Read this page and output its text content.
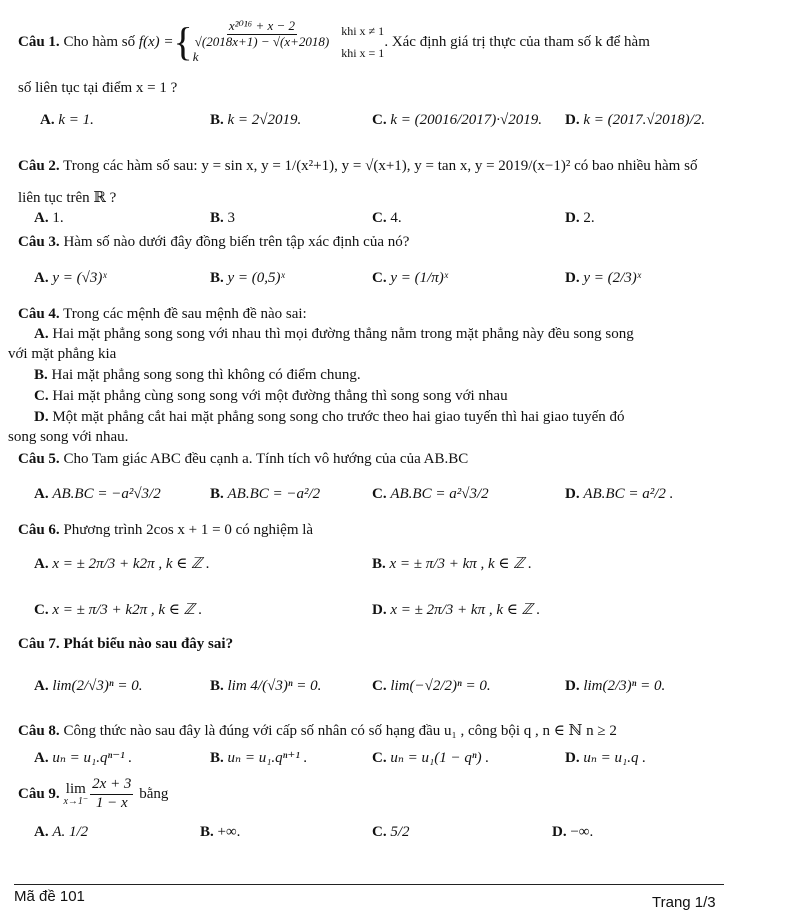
Câu 1.
Cho hàm số
f(x) = { $\frac{\text{x²⁰¹⁶ + x − 2}}{√(2018x+1) - √(x+2018)}$
k
khi x ≠ 1
khi x = 1
. Xác định giá trị thực của tham số k để hàm
số liên tục tại điểm x = 1 ?
A. k = 1.	B. k = 2√2019.	C. k = (20016/2017)·√2019. D. k = (2017.√2018)/2.
Câu 2. Trong các hàm số sau: y = sin x, y = 1/(x²+1), y = √(x+1), y = tan x, y = 2019/(x−1)² có bao nhiều hàm số
liên tục trên ℝ ?
A. 1.	B. 3	C. 4.	D. 2.
Câu 3. Hàm số nào dưới đây đồng biến trên tập xác định của nó?
A. y = (√3)ˣ	B. y = (0,5)ˣ	C. y = (1/π)ˣ	D. y = (2/3)ˣ
Câu 4. Trong các mệnh đề sau mệnh đề nào sai:
A. Hai mặt phẳng song song với nhau thì mọi đường thẳng nằm trong mặt phẳng này đều song song
với mặt phẳng kia
B. Hai mặt phẳng song song thì không có điểm chung.
C. Hai mặt phẳng cùng song song với một đường thẳng thì song song với nhau
D. Một mặt phẳng cắt hai mặt phẳng song song cho trước theo hai giao tuyến thì hai giao tuyến đó
song song với nhau.
Câu 5. Cho Tam giác ABC đều cạnh a. Tính tích vô hướng của của AB.BC
A. AB.BC = −a²√3/2	B. AB.BC = −a²/2	C. AB.BC = a²√3/2	D. AB.BC = a²/2 .
Câu 6. Phương trình 2cos x + 1 = 0 có nghiệm là
A. x = ± 2π/3 + k2π , k ∈ ℤ .	B. x = ± π/3 + kπ , k ∈ ℤ .
C. x = ± π/3 + k2π , k ∈ ℤ .	D. x = ± 2π/3 + kπ , k ∈ ℤ .
Câu 7. Phát biểu nào sau đây sai?
A. lim(2/√3)ⁿ = 0.	B. lim 4/(√3)ⁿ = 0.	C. lim(−√2/2)ⁿ = 0.	D. lim(2/3)ⁿ = 0.
Câu 8. Công thức nào sau đây là đúng với cấp số nhân có số hạng đầu u₁ , công bội q , n ∈ ℕ n ≥ 2
A. uₙ = u₁.qⁿ⁻¹ .	B. uₙ = u₁.qⁿ⁺¹ .	C. uₙ = u₁(1 − qⁿ) .	D. uₙ = u₁.q .
Câu 9.
lim
$x\to 1^- \frac{2x + 3}{1 - x}$
bằng
A. A. 1/2	B. +∞.	C. 5/2	D. −∞.
Mã đề 101	Trang 1/3
